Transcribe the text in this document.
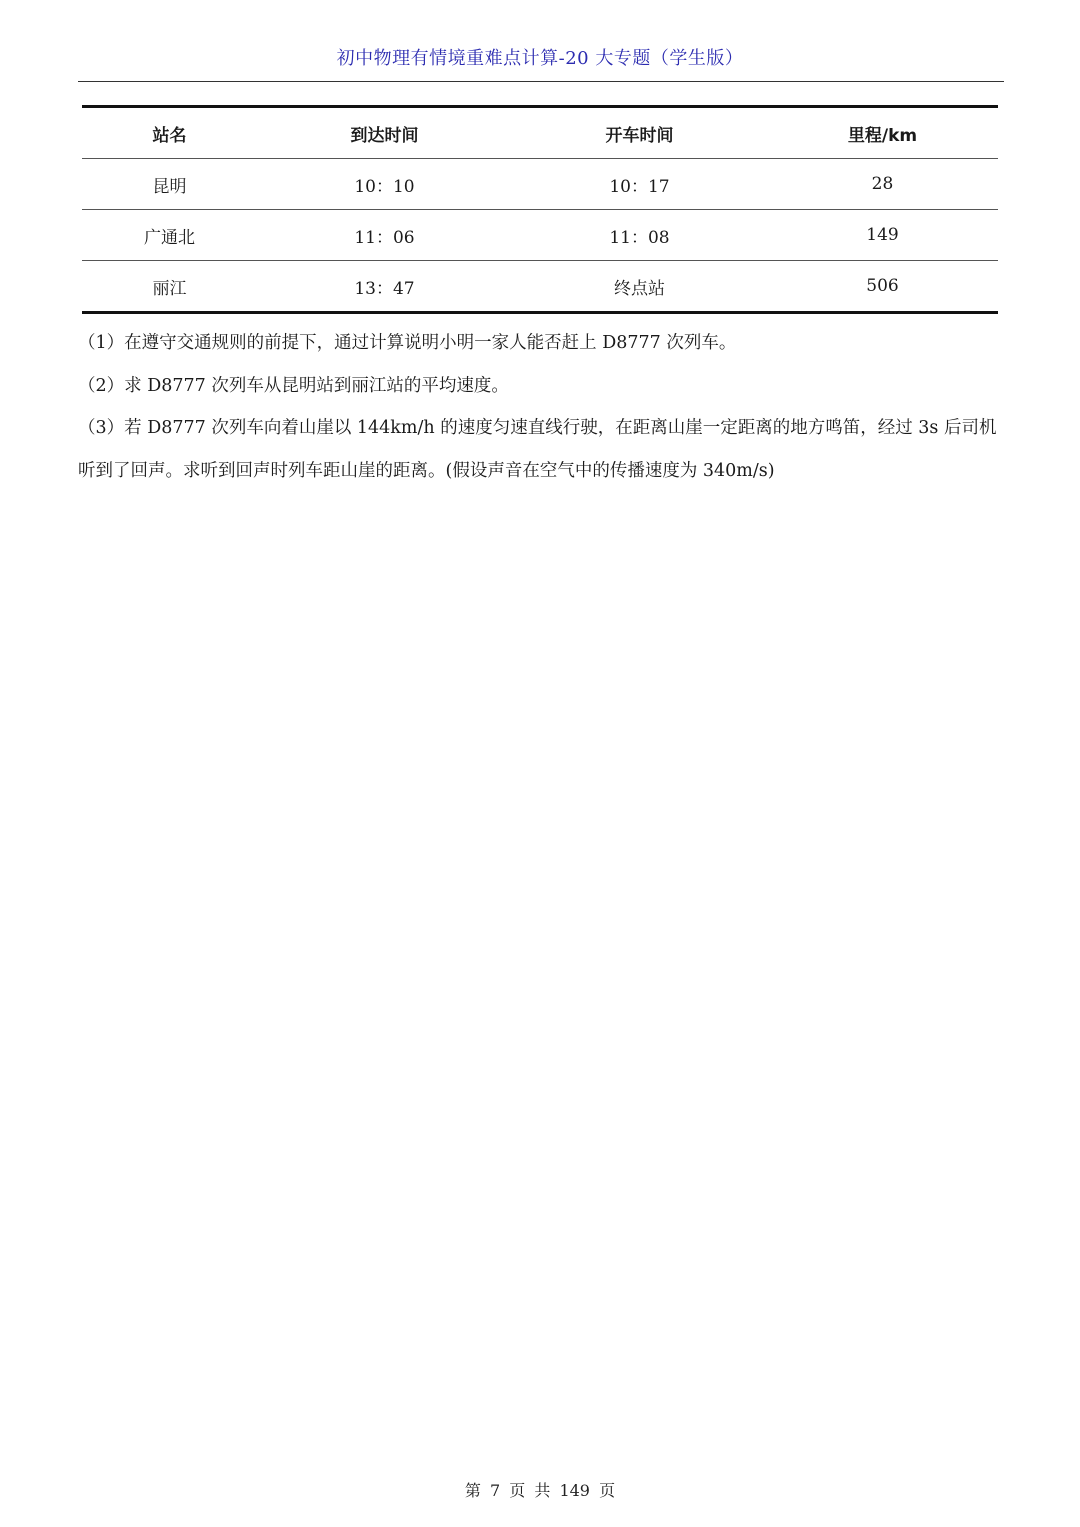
初中物理有情境重难点计算-20 大专题（学生版）
站名	到达时间	开车时间	里程/km
昆明	10：10	10：17	28
广通北	11：06	11：08	149
丽江	13：47	终点站	506

（1）在遵守交通规则的前提下，通过计算说明小明一家人能否赶上 D8777 次列车。

（2）求 D8777 次列车从昆明站到丽江站的平均速度。

（3）若 D8777 次列车向着山崖以 144km/h 的速度匀速直线行驶，在距离山崖一定距离的地方鸣笛，经过 3s 后司机听到了回声。求听到回声时列车距山崖的距离。(假设声音在空气中的传播速度为 340m/s)

第 7 页 共 149 页
